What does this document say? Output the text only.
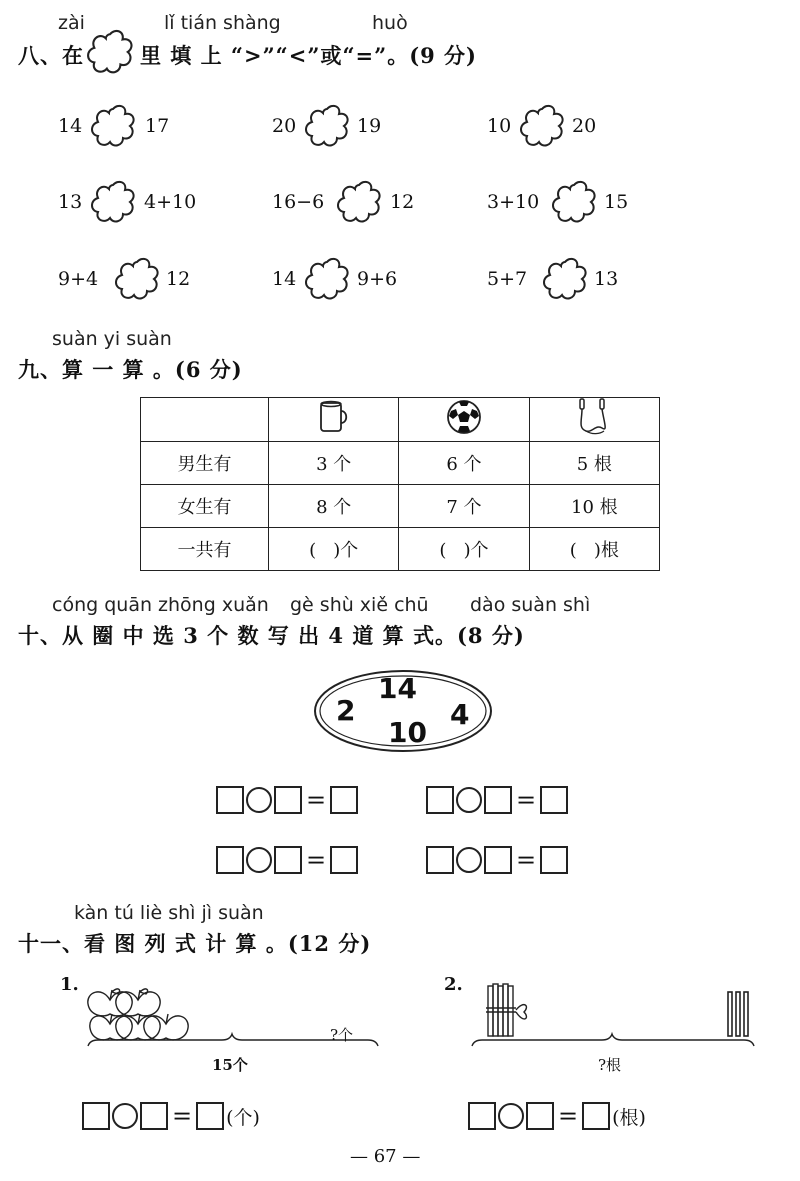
zài	lǐ tián shàng	huò
八、在	里 填 上 “>”“<”或“=”。(9 分)
14	17	20	19	10	20
13	4+10	16−6	12	3+10	15
9+4	12	14	9+6	5+7	13
suàn yi suàn
九、算 一 算 。(6 分)

男生有	3 个	6 个	5 根
女生有	8 个	7 个	10 根
一共有	(   )个	(   )个	(   )根
cóng quān zhōng xuǎn gè shù xiě chū dào suàn shì
十、从 圈 中 选 3 个 数 写 出 4 道 算 式。(8 分)
2
14
4
10
=	=
=	=
kàn tú liè shì jì suàn
十一、看 图 列 式 计 算 。(12 分)
1.
?个
15个
= (个)
2.
?根
= (根)
— 67 —
